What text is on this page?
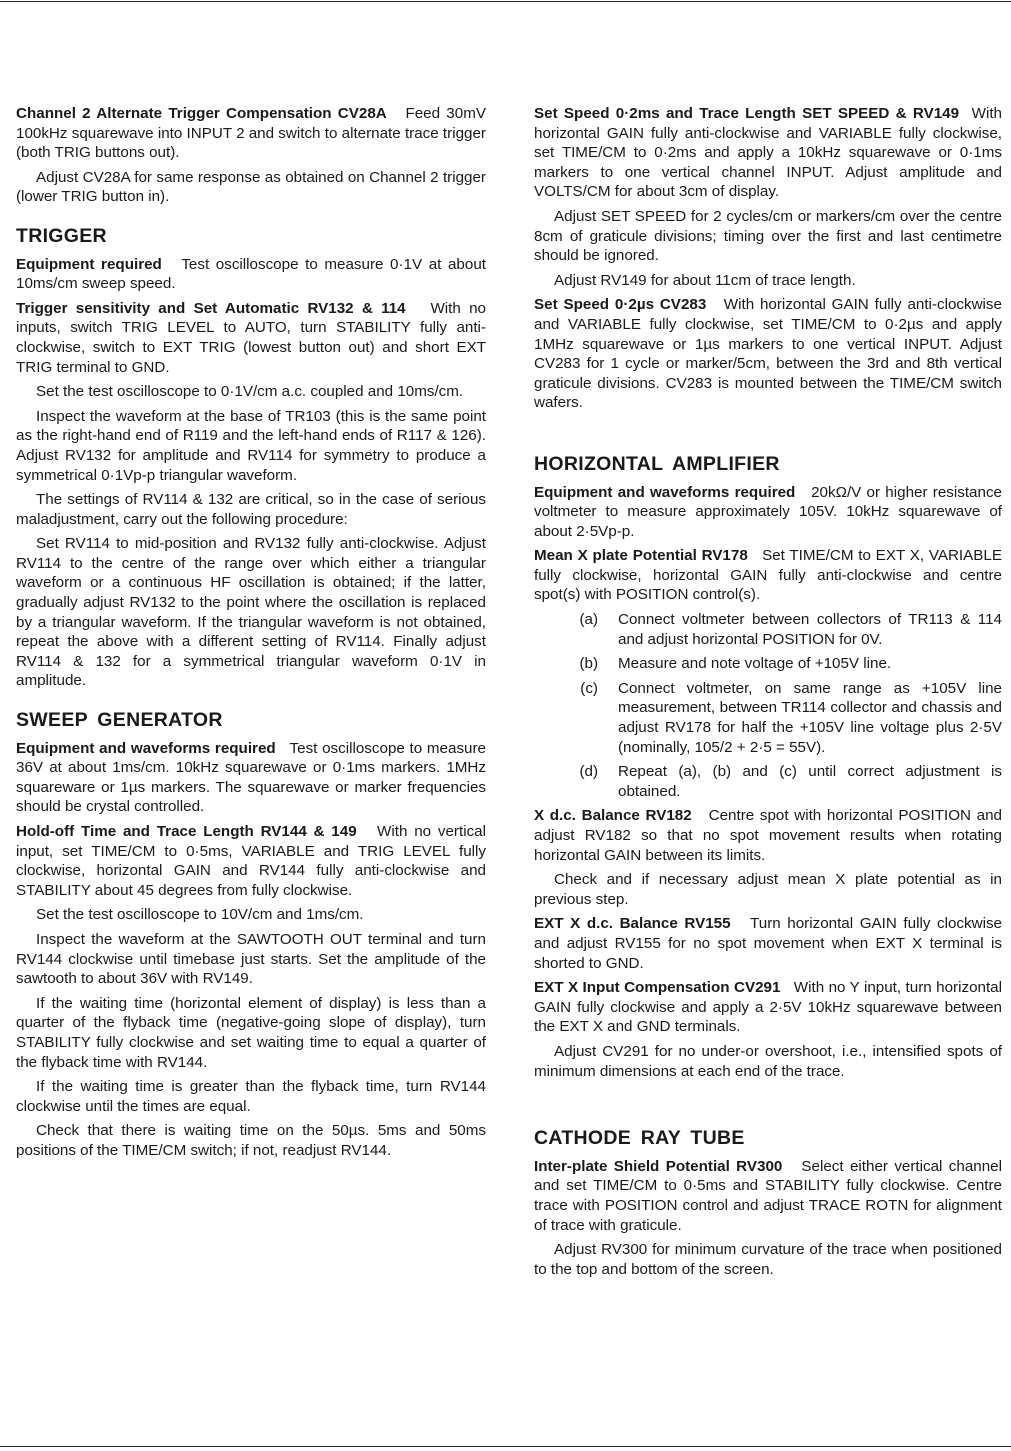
Channel 2 Alternate Trigger Compensation CV28A Feed 30mV 100kHz squarewave into INPUT 2 and switch to alternate trace trigger (both TRIG buttons out).

Adjust CV28A for same response as obtained on Channel 2 trigger (lower TRIG button in).

TRIGGER

Equipment required Test oscilloscope to measure 0·1V at about 10ms/cm sweep speed.

Trigger sensitivity and Set Automatic RV132 & 114 With no inputs, switch TRIG LEVEL to AUTO, turn STABILITY fully anti-clockwise, switch to EXT TRIG (lowest button out) and short EXT TRIG terminal to GND.

Set the test oscilloscope to 0·1V/cm a.c. coupled and 10ms/cm.

Inspect the waveform at the base of TR103 (this is the same point as the right-hand end of R119 and the left-hand ends of R117 & 126). Adjust RV132 for amplitude and RV114 for symmetry to produce a symmetrical 0·1Vp-p triangular waveform.

The settings of RV114 & 132 are critical, so in the case of serious maladjustment, carry out the following procedure:

Set RV114 to mid-position and RV132 fully anti-clockwise. Adjust RV114 to the centre of the range over which either a triangular waveform or a continuous HF oscillation is obtained; if the latter, gradually adjust RV132 to the point where the oscillation is replaced by a triangular waveform. If the triangular waveform is not obtained, repeat the above with a different setting of RV114. Finally adjust RV114 & 132 for a symmetrical triangular waveform 0·1V in amplitude.

SWEEP GENERATOR

Equipment and waveforms required Test oscilloscope to measure 36V at about 1ms/cm. 10kHz squarewave or 0·1ms markers. 1MHz squareware or 1µs markers. The squarewave or marker frequencies should be crystal controlled.

Hold-off Time and Trace Length RV144 & 149 With no vertical input, set TIME/CM to 0·5ms, VARIABLE and TRIG LEVEL fully clockwise, horizontal GAIN and RV144 fully anti-clockwise and STABILITY about 45 degrees from fully clockwise.

Set the test oscilloscope to 10V/cm and 1ms/cm.

Inspect the waveform at the SAWTOOTH OUT terminal and turn RV144 clockwise until timebase just starts. Set the amplitude of the sawtooth to about 36V with RV149.

If the waiting time (horizontal element of display) is less than a quarter of the flyback time (negative-going slope of display), turn STABILITY fully clockwise and set waiting time to equal a quarter of the flyback time with RV144.

If the waiting time is greater than the flyback time, turn RV144 clockwise until the times are equal.

Check that there is waiting time on the 50µs. 5ms and 50ms positions of the TIME/CM switch; if not, readjust RV144.

Set Speed 0·2ms and Trace Length SET SPEED & RV149 With horizontal GAIN fully anti-clockwise and VARIABLE fully clockwise, set TIME/CM to 0·2ms and apply a 10kHz squarewave or 0·1ms markers to one vertical channel INPUT. Adjust amplitude and VOLTS/CM for about 3cm of display.

Adjust SET SPEED for 2 cycles/cm or markers/cm over the centre 8cm of graticule divisions; timing over the first and last centimetre should be ignored.

Adjust RV149 for about 11cm of trace length.

Set Speed 0·2µs CV283 With horizontal GAIN fully anti-clockwise and VARIABLE fully clockwise, set TIME/CM to 0·2µs and apply 1MHz squarewave or 1µs markers to one vertical INPUT. Adjust CV283 for 1 cycle or marker/5cm, between the 3rd and 8th vertical graticule divisions. CV283 is mounted between the TIME/CM switch wafers.

HORIZONTAL AMPLIFIER

Equipment and waveforms required 20kΩ/V or higher resistance voltmeter to measure approximately 105V. 10kHz squarewave of about 2·5Vp-p.

Mean X plate Potential RV178 Set TIME/CM to EXT X, VARIABLE fully clockwise, horizontal GAIN fully anti-clockwise and centre spot(s) with POSITION control(s).

(a)	Connect voltmeter between collectors of TR113 & 114 and adjust horizontal POSITION for 0V.
(b)	Measure and note voltage of +105V line.
(c)	Connect voltmeter, on same range as +105V line measurement, between TR114 collector and chassis and adjust RV178 for half the +105V line voltage plus 2·5V (nominally, 105/2 + 2·5 = 55V).
(d)	Repeat (a), (b) and (c) until correct adjustment is obtained.

X d.c. Balance RV182 Centre spot with horizontal POSITION and adjust RV182 so that no spot movement results when rotating horizontal GAIN between its limits.

Check and if necessary adjust mean X plate potential as in previous step.

EXT X d.c. Balance RV155 Turn horizontal GAIN fully clockwise and adjust RV155 for no spot movement when EXT X terminal is shorted to GND.

EXT X Input Compensation CV291 With no Y input, turn horizontal GAIN fully clockwise and apply a 2·5V 10kHz squarewave between the EXT X and GND terminals.

Adjust CV291 for no under-or overshoot, i.e., intensified spots of minimum dimensions at each end of the trace.

CATHODE RAY TUBE

Inter-plate Shield Potential RV300 Select either vertical channel and set TIME/CM to 0·5ms and STABILITY fully clockwise. Centre trace with POSITION control and adjust TRACE ROTN for alignment of trace with graticule.

Adjust RV300 for minimum curvature of the trace when positioned to the top and bottom of the screen.
